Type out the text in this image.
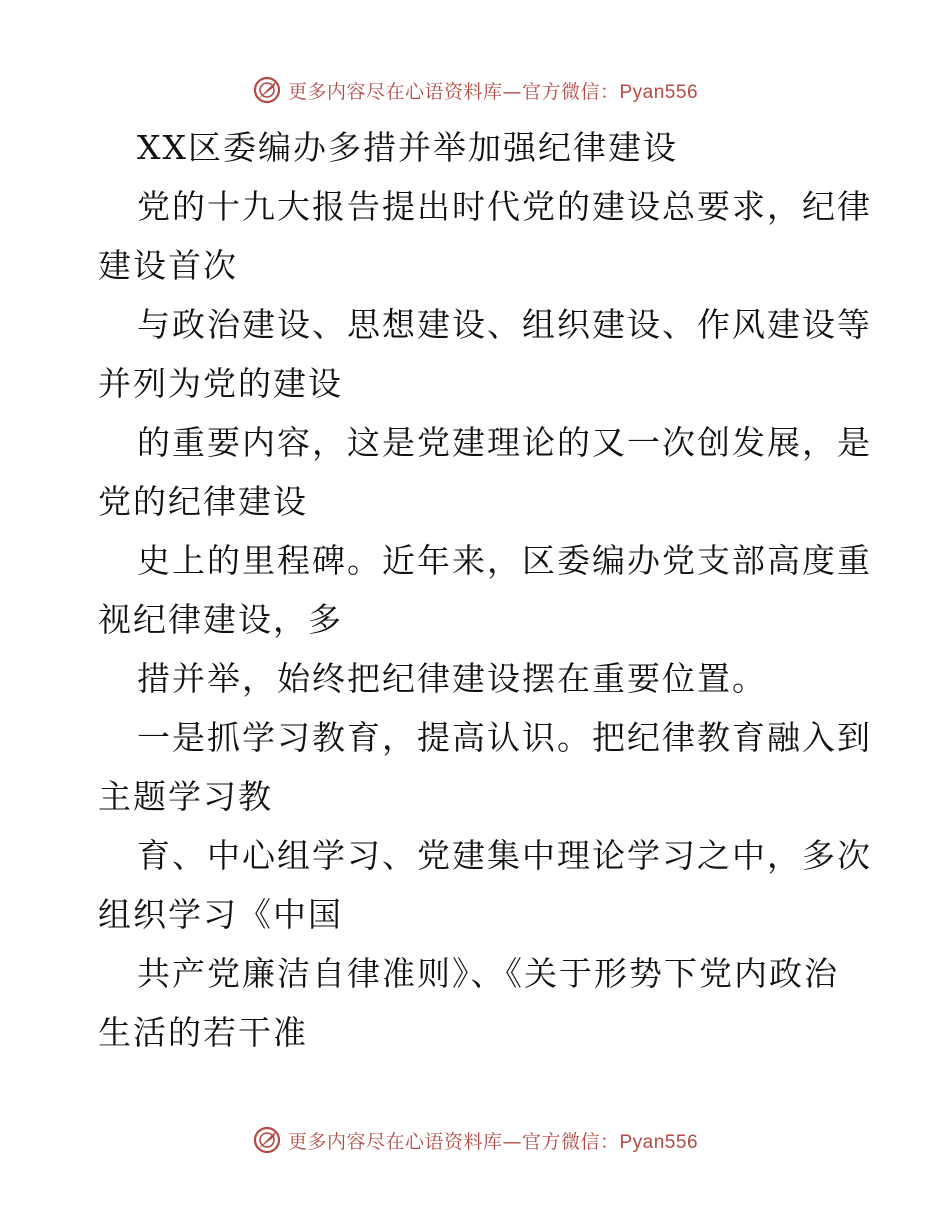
更多内容尽在心语资料库—官方微信：Pyan556
XX区委编办多措并举加强纪律建设
党的十九大报告提出时代党的建设总要求，纪律
建设首次
与政治建设、思想建设、组织建设、作风建设等
并列为党的建设
的重要内容，这是党建理论的又一次创发展，是
党的纪律建设
史上的里程碑。近年来，区委编办党支部高度重
视纪律建设，多
措并举，始终把纪律建设摆在重要位置。
一是抓学习教育，提高认识。把纪律教育融入到
主题学习教
育、中心组学习、党建集中理论学习之中，多次
组织学习《中国
共产党廉洁自律准则》、《关于形势下党内政治
生活的若干准
更多内容尽在心语资料库—官方微信：Pyan556
